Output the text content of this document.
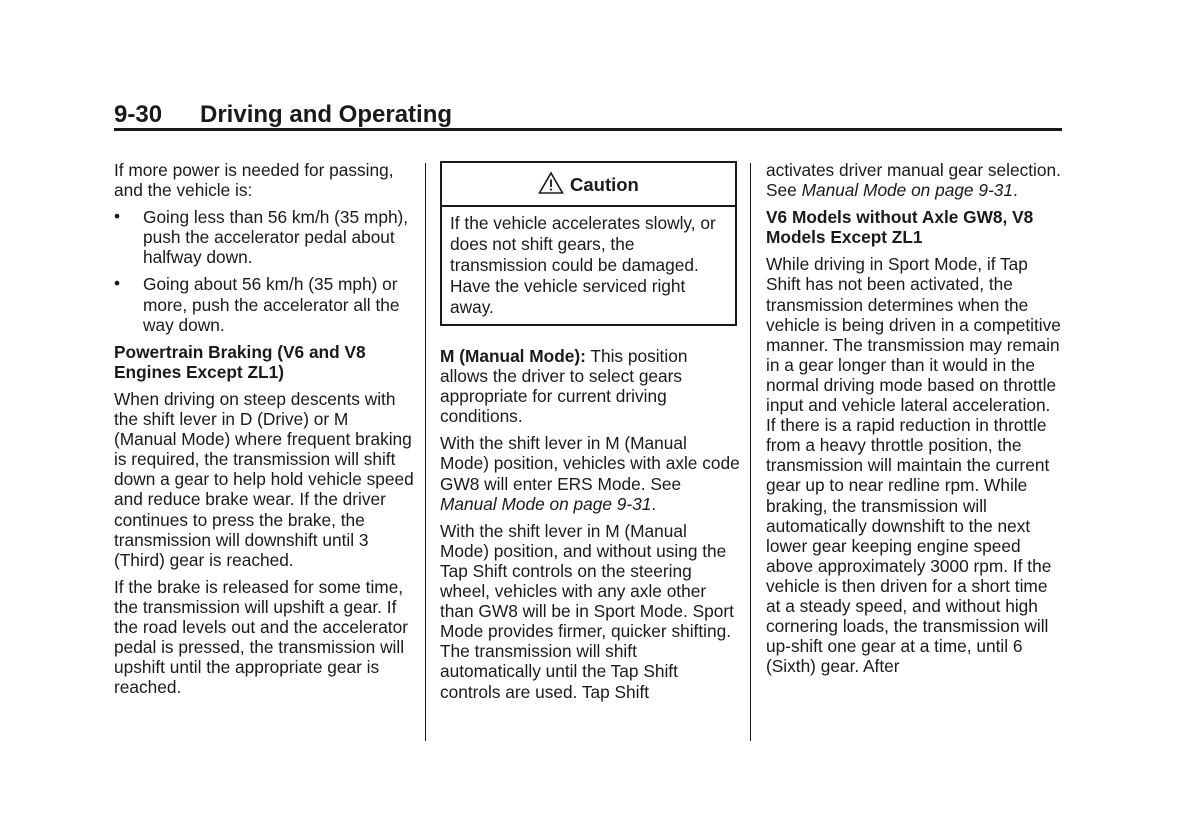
9-30 Driving and Operating

If more power is needed for passing, and the vehicle is:

• Going less than 56 km/h (35 mph), push the accelerator pedal about halfway down.
• Going about 56 km/h (35 mph) or more, push the accelerator all the way down.

Powertrain Braking (V6 and V8 Engines Except ZL1)

When driving on steep descents with the shift lever in D (Drive) or M (Manual Mode) where frequent braking is required, the transmission will shift down a gear to help hold vehicle speed and reduce brake wear. If the driver continues to press the brake, the transmission will downshift until 3 (Third) gear is reached.

If the brake is released for some time, the transmission will upshift a gear. If the road levels out and the accelerator pedal is pressed, the transmission will upshift until the appropriate gear is reached.

Caution
If the vehicle accelerates slowly, or does not shift gears, the transmission could be damaged. Have the vehicle serviced right away.

M (Manual Mode): This position allows the driver to select gears appropriate for current driving conditions.

With the shift lever in M (Manual Mode) position, vehicles with axle code GW8 will enter ERS Mode. See Manual Mode on page 9-31.

With the shift lever in M (Manual Mode) position, and without using the Tap Shift controls on the steering wheel, vehicles with any axle other than GW8 will be in Sport Mode. Sport Mode provides firmer, quicker shifting. The transmission will shift automatically until the Tap Shift controls are used. Tap Shift

activates driver manual gear selection. See Manual Mode on page 9-31.

V6 Models without Axle GW8, V8 Models Except ZL1

While driving in Sport Mode, if Tap Shift has not been activated, the transmission determines when the vehicle is being driven in a competitive manner. The transmission may remain in a gear longer than it would in the normal driving mode based on throttle input and vehicle lateral acceleration. If there is a rapid reduction in throttle from a heavy throttle position, the transmission will maintain the current gear up to near redline rpm. While braking, the transmission will automatically downshift to the next lower gear keeping engine speed above approximately 3000 rpm. If the vehicle is then driven for a short time at a steady speed, and without high cornering loads, the transmission will up-shift one gear at a time, until 6 (Sixth) gear. After
